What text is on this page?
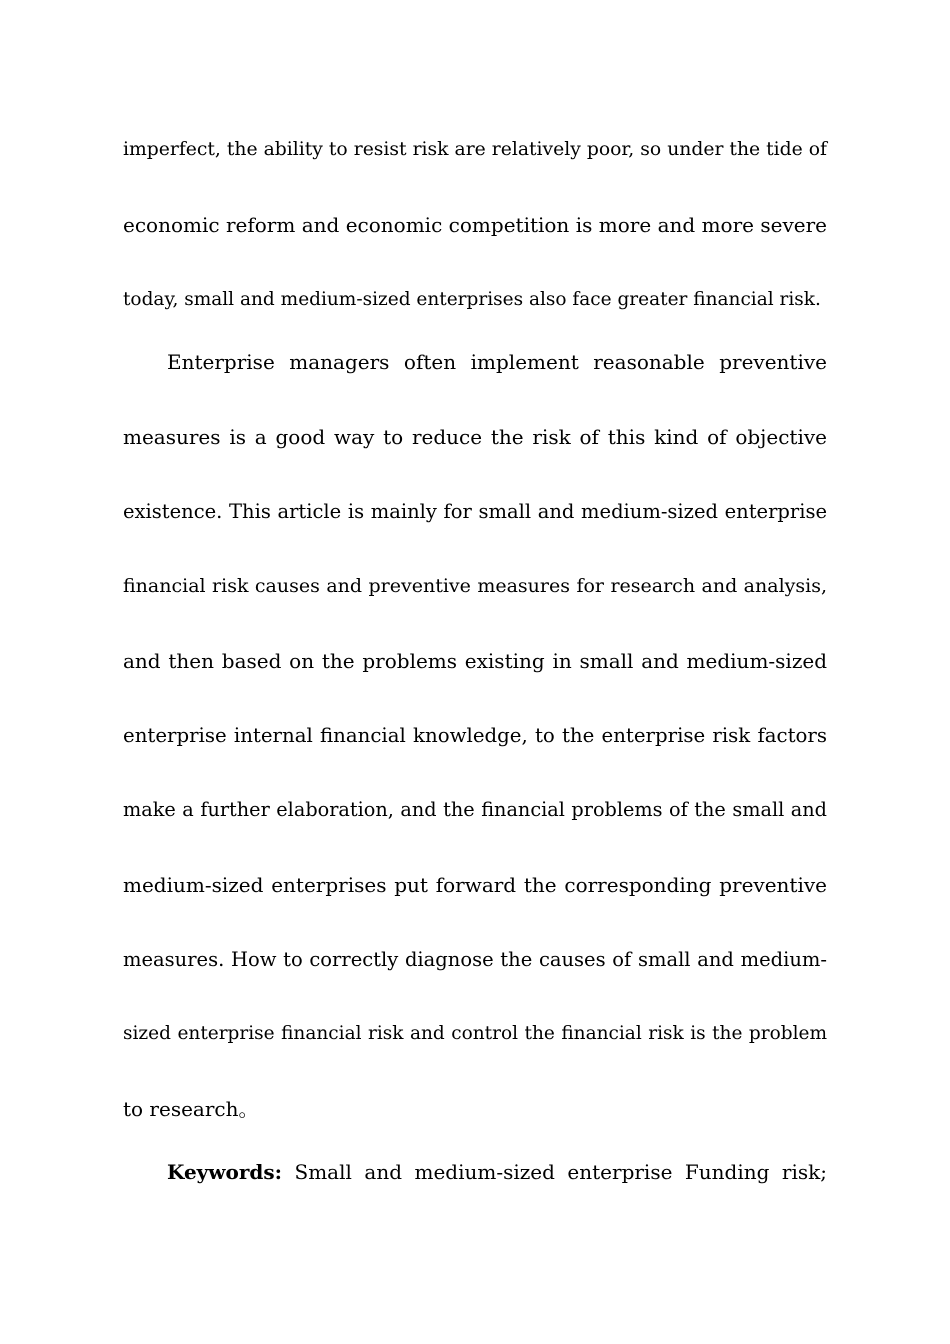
imperfect, the ability to resist risk are relatively poor, so under the tide of
economic reform and economic competition is more and more severe
today, small and medium-sized enterprises also face greater financial risk.
Enterprise managers often implement reasonable preventive
measures is a good way to reduce the risk of this kind of objective
existence. This article is mainly for small and medium-sized enterprise
financial risk causes and preventive measures for research and analysis,
and then based on the problems existing in small and medium-sized
enterprise internal financial knowledge, to the enterprise risk factors
make a further elaboration, and the financial problems of the small and
medium-sized enterprises put forward the corresponding preventive
measures. How to correctly diagnose the causes of small and medium-
sized enterprise financial risk and control the financial risk is the problem
to research。
Keywords: Small and medium-sized enterprise Funding risk;
